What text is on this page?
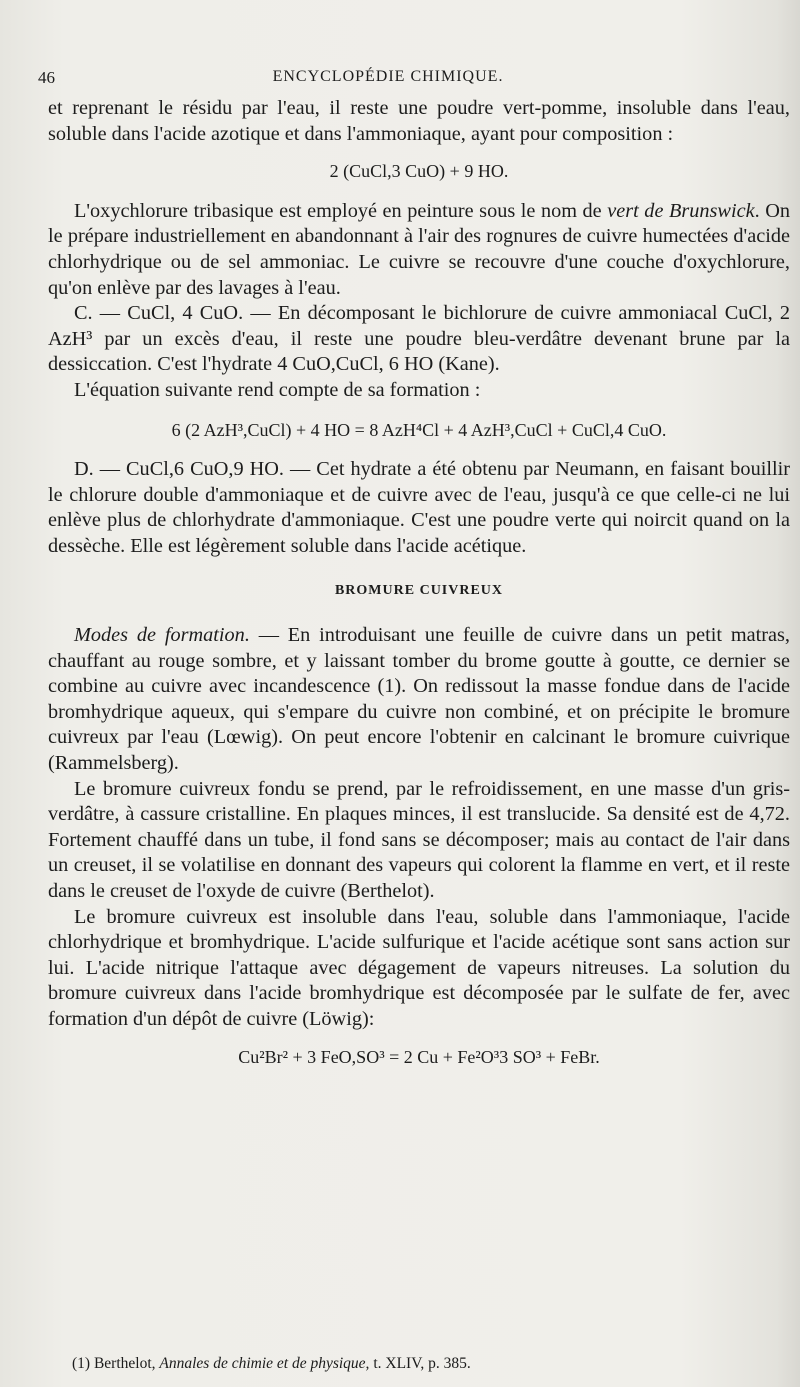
46	ENCYCLOPÉDIE CHIMIQUE.

et reprenant le résidu par l'eau, il reste une poudre vert-pomme, insoluble dans l'eau, soluble dans l'acide azotique et dans l'ammoniaque, ayant pour composition :

2 (CuCl,3 CuO) + 9 HO.

L'oxychlorure tribasique est employé en peinture sous le nom de vert de Brunswick. On le prépare industriellement en abandonnant à l'air des rognures de cuivre humectées d'acide chlorhydrique ou de sel ammoniac. Le cuivre se recouvre d'une couche d'oxychlorure, qu'on enlève par des lavages à l'eau.

C. — CuCl, 4 CuO. — En décomposant le bichlorure de cuivre ammoniacal CuCl, 2 AzH³ par un excès d'eau, il reste une poudre bleu-verdâtre devenant brune par la dessiccation. C'est l'hydrate 4 CuO,CuCl, 6 HO (Kane).

L'équation suivante rend compte de sa formation :

6 (2 AzH³,CuCl) + 4 HO = 8 AzH⁴Cl + 4 AzH³,CuCl + CuCl,4 CuO.

D. — CuCl,6 CuO,9 HO. — Cet hydrate a été obtenu par Neumann, en faisant bouillir le chlorure double d'ammoniaque et de cuivre avec de l'eau, jusqu'à ce que celle-ci ne lui enlève plus de chlorhydrate d'ammoniaque. C'est une poudre verte qui noircit quand on la dessèche. Elle est légèrement soluble dans l'acide acétique.

BROMURE CUIVREUX

Modes de formation. — En introduisant une feuille de cuivre dans un petit matras, chauffant au rouge sombre, et y laissant tomber du brome goutte à goutte, ce dernier se combine au cuivre avec incandescence (1). On redissout la masse fondue dans de l'acide bromhydrique aqueux, qui s'empare du cuivre non combiné, et on précipite le bromure cuivreux par l'eau (Lœwig). On peut encore l'obtenir en calcinant le bromure cuivrique (Rammelsberg).

Le bromure cuivreux fondu se prend, par le refroidissement, en une masse d'un gris-verdâtre, à cassure cristalline. En plaques minces, il est translucide. Sa densité est de 4,72. Fortement chauffé dans un tube, il fond sans se décomposer; mais au contact de l'air dans un creuset, il se volatilise en donnant des vapeurs qui colorent la flamme en vert, et il reste dans le creuset de l'oxyde de cuivre (Berthelot).

Le bromure cuivreux est insoluble dans l'eau, soluble dans l'ammoniaque, l'acide chlorhydrique et bromhydrique. L'acide sulfurique et l'acide acétique sont sans action sur lui. L'acide nitrique l'attaque avec dégagement de vapeurs nitreuses. La solution du bromure cuivreux dans l'acide bromhydrique est décomposée par le sulfate de fer, avec formation d'un dépôt de cuivre (Löwig):

Cu²Br² + 3 FeO,SO³ = 2 Cu + Fe²O³3 SO³ + FeBr.

(1) Berthelot, Annales de chimie et de physique, t. XLIV, p. 385.
